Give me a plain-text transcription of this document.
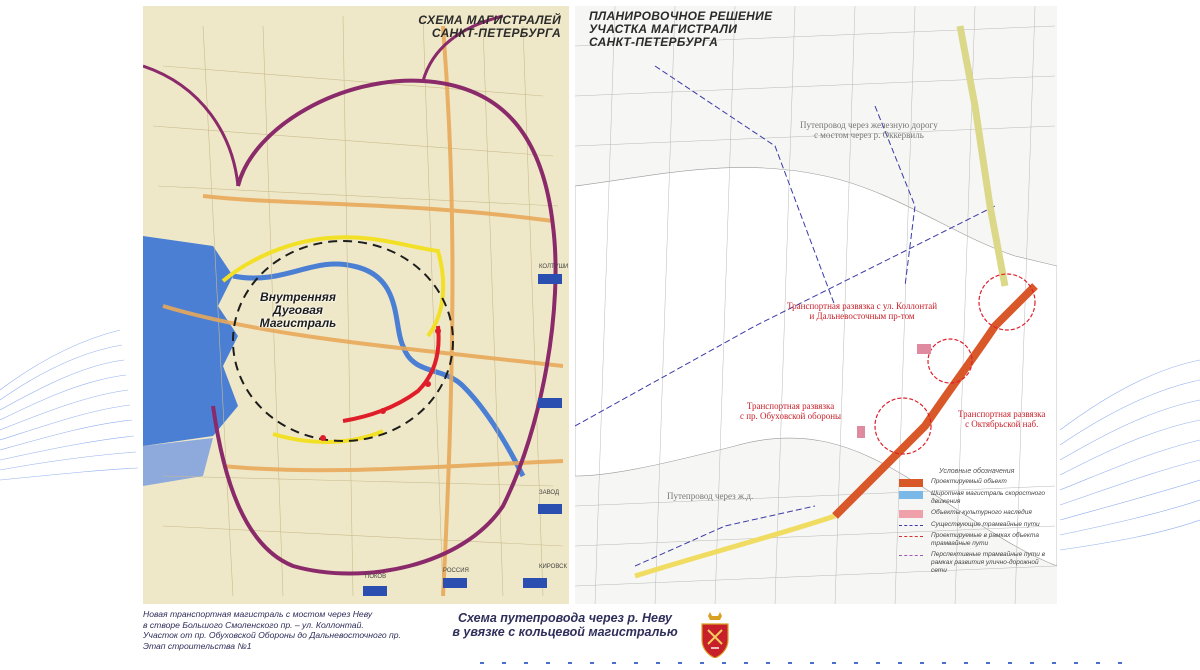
СХЕМА МАГИСТРАЛЕЙ
САНКТ-ПЕТЕРБУРГА
Внутренняя
Дуговая
Магистраль
КОЛТУШИ
ЗАВОД
КИРОВСК
ПОКОВ
РОССИЯ
ПЛАНИРОВОЧНОЕ РЕШЕНИЕ
УЧАСТКА МАГИСТРАЛИ
САНКТ-ПЕТЕРБУРГА
Путепровод через железную дорогу
с мостом через р. Оккервиль
Путепровод через ж.д.
Транспортная развязка с ул. Коллонтай
и Дальневосточным пр-том
Транспортная развязка
с пр. Обуховской обороны	Транспортная развязка
с Октябрьской наб.
Условные обозначения
Проектируемый объект
Широтная магистраль скоростного движения
Объекты культурного наследия
Существующие трамвайные пути
Проектируемые в рамках объекта трамвайные пути
Перспективные трамвайные пути в рамках развития улично-дорожной сети
Новая транспортная магистраль с мостом через Неву
в створе Большого Смоленского пр. – ул. Коллонтай.
Участок от пр. Обуховской Обороны до Дальневосточного пр.
Этап строительства №1
Схема путепровода через р. Неву
в увязке с кольцевой магистралью
